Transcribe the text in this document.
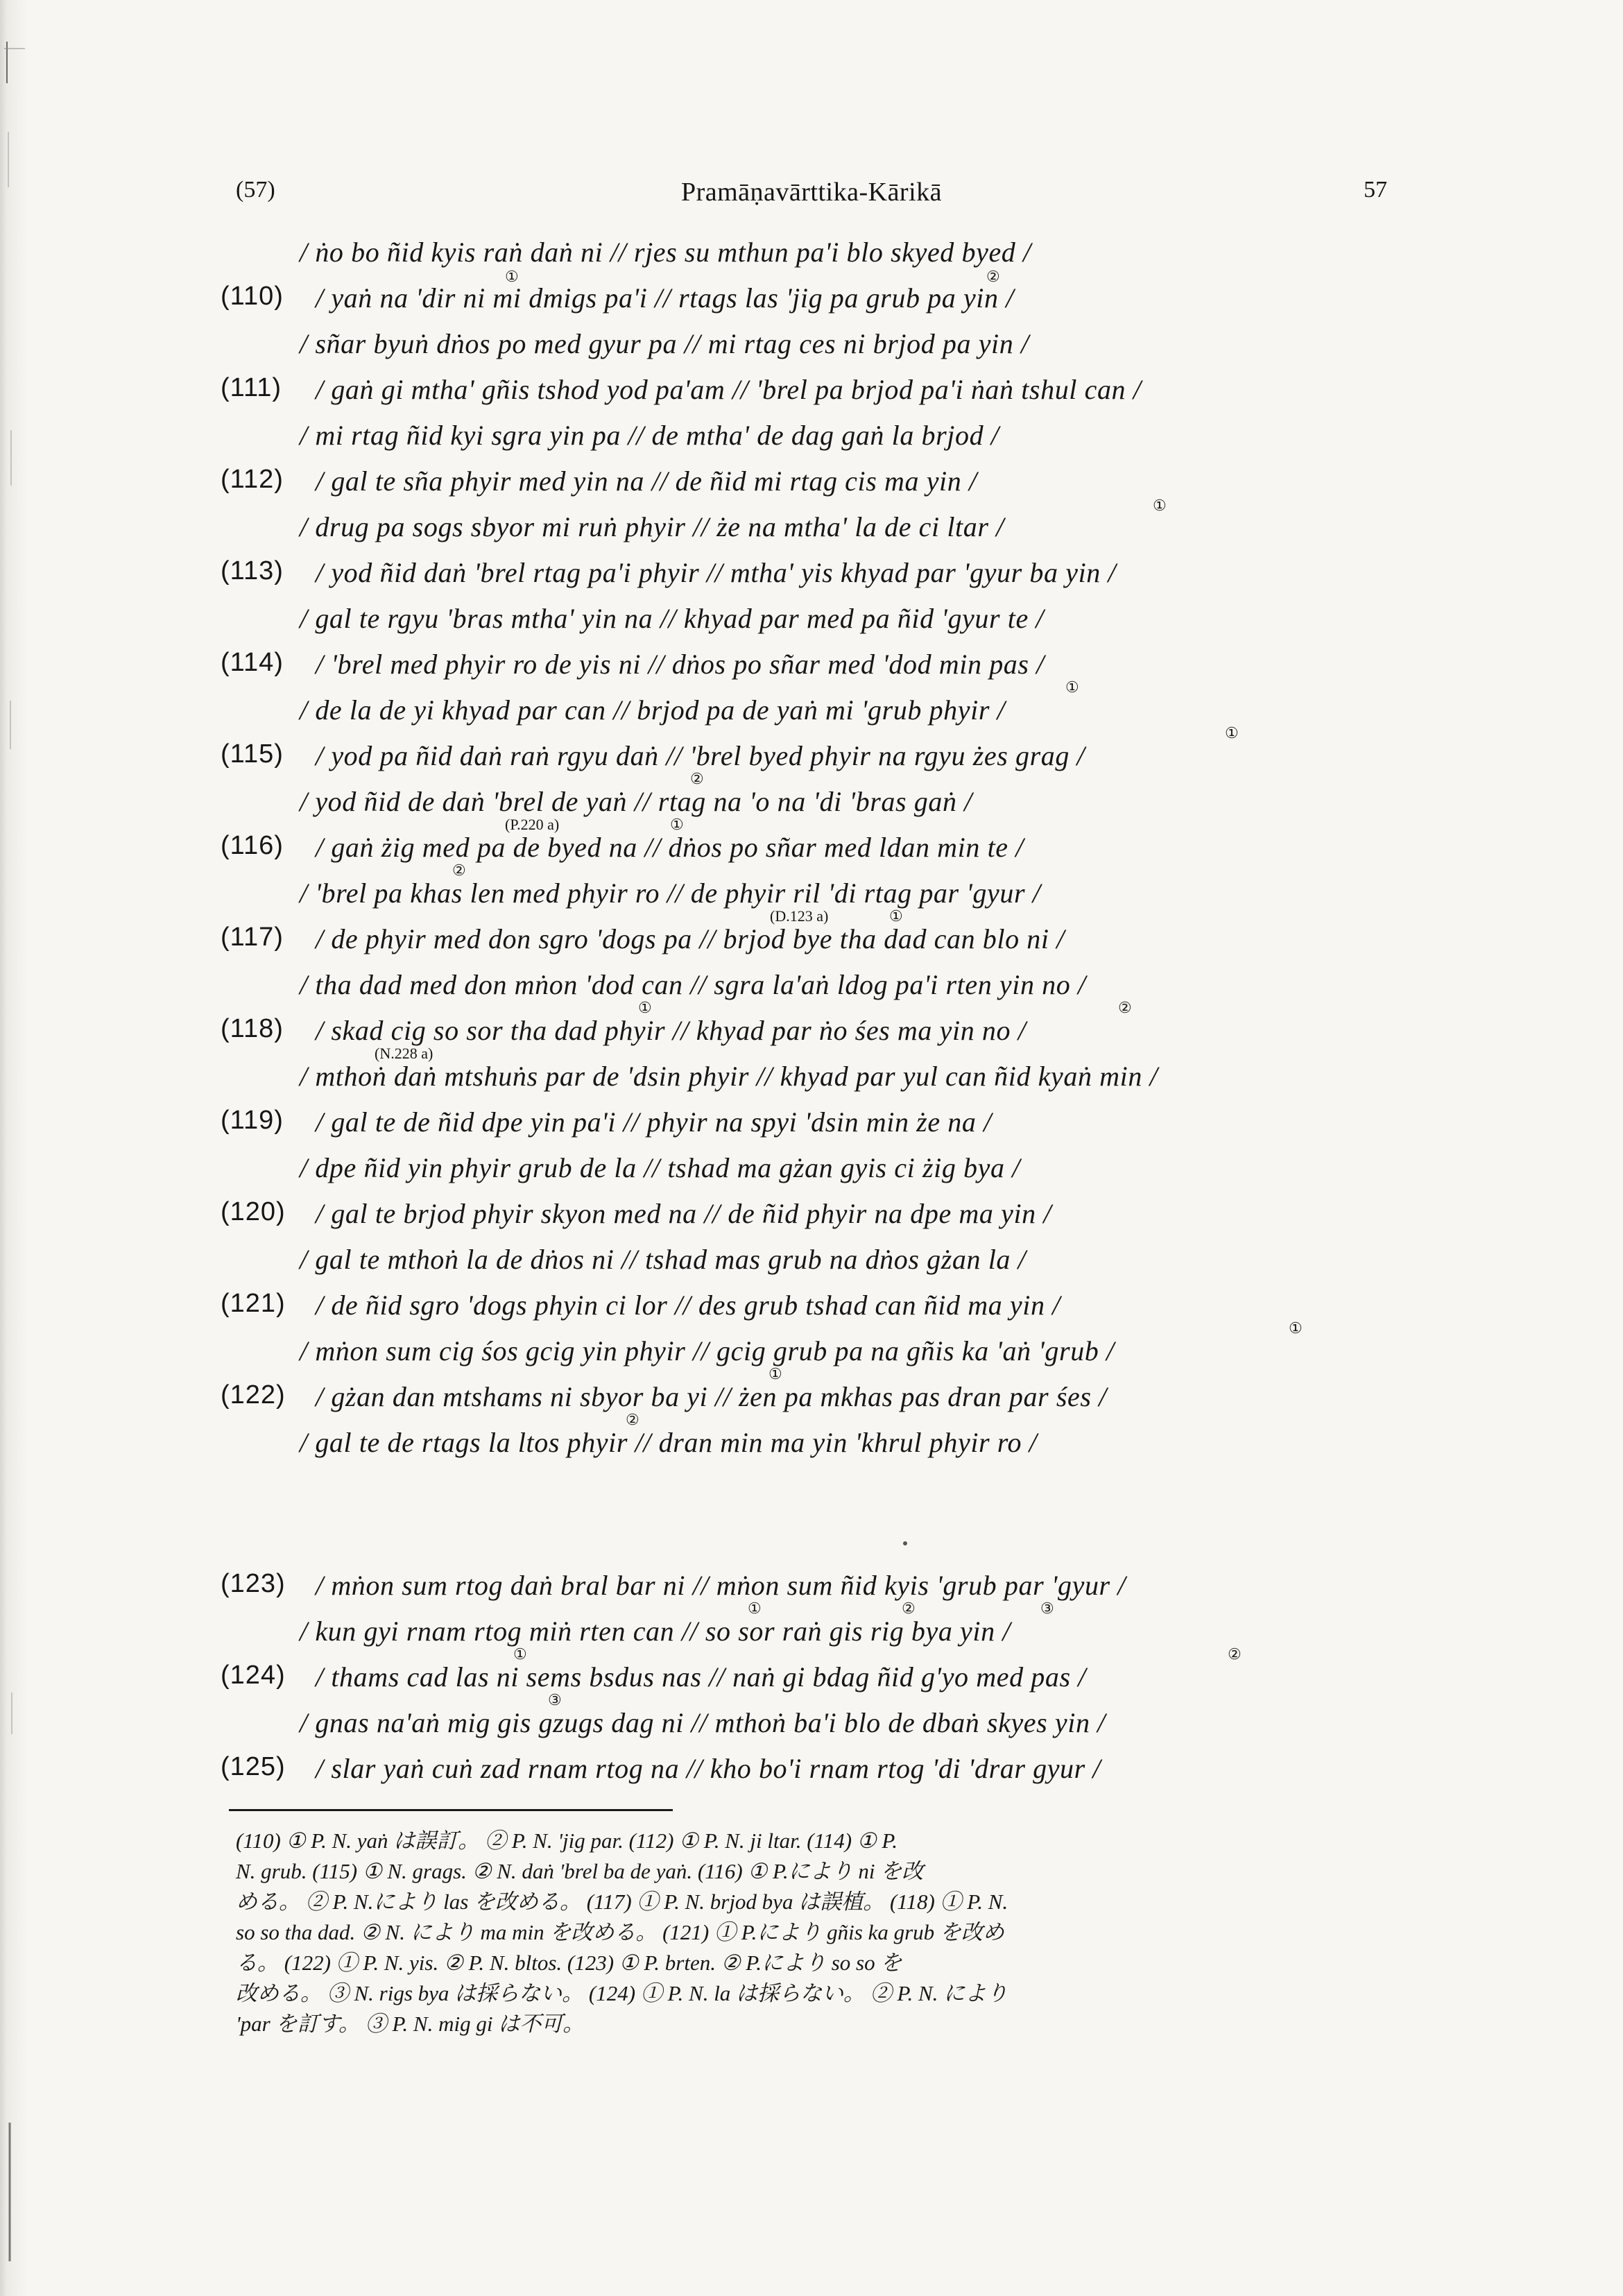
(57)	Pramāṇavārttika-Kārikā	57
/ ṅo bo ñid kyis raṅ daṅ ni // rjes su mthun pa'i blo skyed byed /
(110) / yaṅ na 'dir ni mi dmigs pa'i // rtags las 'jig pa grub pa yin /
①	②
/ sñar byuṅ dṅos po med gyur pa // mi rtag ces ni brjod pa yin /
(111) / gaṅ gi mtha' gñis tshod yod pa'am // 'brel pa brjod pa'i ṅaṅ tshul can /
/ mi rtag ñid kyi sgra yin pa // de mtha' de dag gaṅ la brjod /
(112) / gal te sña phyir med yin na // de ñid mi rtag cis ma yin /
/ drug pa sogs sbyor mi ruṅ phyir // że na mtha' la de ci ltar /
①
(113) / yod ñid daṅ 'brel rtag pa'i phyir // mtha' yis khyad par 'gyur ba yin /
/ gal te rgyu 'bras mtha' yin na // khyad par med pa ñid 'gyur te /
(114) / 'brel med phyir ro de yis ni // dṅos po sñar med 'dod min pas /
/ de la de yi khyad par can // brjod pa de yaṅ mi 'grub phyir /
①
(115) / yod pa ñid daṅ raṅ rgyu daṅ // 'brel byed phyir na rgyu żes grag /
①
/ yod ñid de daṅ 'brel de yaṅ // rtag na 'o na 'di 'bras gaṅ /
②
(116) / gaṅ żig med pa de byed na // dṅos po sñar med ldan min te /
(P.220 a)	①
/ 'brel pa khas len med phyir ro // de phyir ril 'di rtag par 'gyur /
②
(117) / de phyir med don sgro 'dogs pa // brjod bye tha dad can blo ni /
(D.123 a)	①
/ tha dad med don mṅon 'dod can // sgra la'aṅ ldog pa'i rten yin no /
(118) / skad cig so sor tha dad phyir // khyad par ṅo śes ma yin no /
①	②
/ mthoṅ daṅ mtshuṅs par de 'dsin phyir // khyad par yul can ñid kyaṅ min /
(N.228 a)
(119) / gal te de ñid dpe yin pa'i // phyir na spyi 'dsin min że na /
/ dpe ñid yin phyir grub de la // tshad ma gżan gyis ci żig bya /
(120) / gal te brjod phyir skyon med na // de ñid phyir na dpe ma yin /
/ gal te mthoṅ la de dṅos ni // tshad mas grub na dṅos gżan la /
(121) / de ñid sgro 'dogs phyin ci lor // des grub tshad can ñid ma yin /
/ mṅon sum cig śos gcig yin phyir // gcig grub pa na gñis ka 'aṅ 'grub /
①
(122) / gżan dan mtshams ni sbyor ba yi // żen pa mkhas pas dran par śes /
①
/ gal te de rtags la ltos phyir // dran min ma yin 'khrul phyir ro /
②
(123) / mṅon sum rtog daṅ bral bar ni // mṅon sum ñid kyis 'grub par 'gyur /
/ kun gyi rnam rtog miṅ rten can // so sor raṅ gis rig bya yin /
①	②	③
(124) / thams cad las ni sems bsdus nas // naṅ gi bdag ñid g'yo med pas /
①	②
/ gnas na'aṅ mig gis gzugs dag ni // mthoṅ ba'i blo de dbaṅ skyes yin /
③
(125) / slar yaṅ cuṅ zad rnam rtog na // kho bo'i rnam rtog 'di 'drar gyur /
(110) ① P. N. yaṅ は誤訂。 ② P. N. 'jig par. (112) ① P. N. ji ltar. (114) ① P.
N. grub. (115) ① N. grags. ② N. daṅ 'brel ba de yaṅ. (116) ① P.により ni を改
める。 ② P. N.により las を改める。 (117) ① P. N. brjod bya は誤植。 (118) ① P. N.
so so tha dad. ② N. により ma min を改める。 (121) ① P.により gñis ka grub を改め
る。 (122) ① P. N. yis. ② P. N. bltos. (123) ① P. brten. ② P.により so so を
改める。 ③ N. rigs bya は採らない。 (124) ① P. N. la は採らない。 ② P. N. により
'par を訂す。 ③ P. N. mig gi は不可。
